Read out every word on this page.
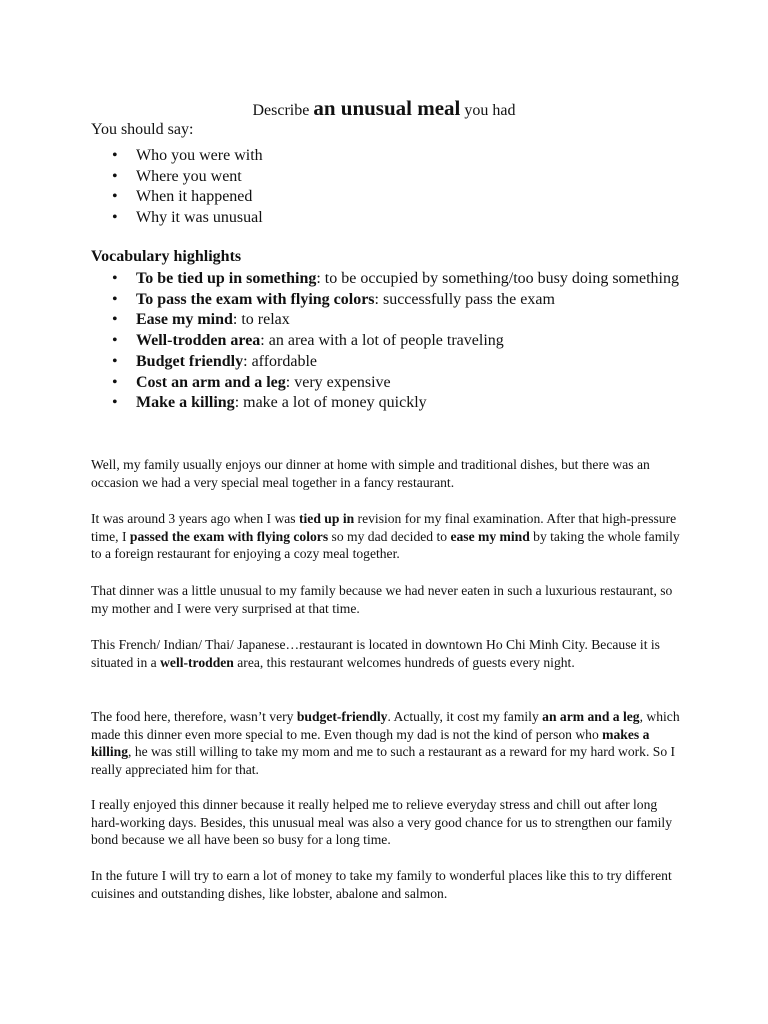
Describe an unusual meal you had
You should say:
• Who you were with
• Where you went
• When it happened
• Why it was unusual
Vocabulary highlights
• To be tied up in something: to be occupied by something/too busy doing something
• To pass the exam with flying colors: successfully pass the exam
• Ease my mind: to relax
• Well-trodden area: an area with a lot of people traveling
• Budget friendly: affordable
• Cost an arm and a leg: very expensive
• Make a killing: make a lot of money quickly

Well, my family usually enjoys our dinner at home with simple and traditional dishes, but there was an occasion we had a very special meal together in a fancy restaurant.

It was around 3 years ago when I was tied up in revision for my final examination. After that high-pressure time, I passed the exam with flying colors so my dad decided to ease my mind by taking the whole family to a foreign restaurant for enjoying a cozy meal together.

That dinner was a little unusual to my family because we had never eaten in such a luxurious restaurant, so my mother and I were very surprised at that time.

This French/ Indian/ Thai/ Japanese…restaurant is located in downtown Ho Chi Minh City. Because it is situated in a well-trodden area, this restaurant welcomes hundreds of guests every night.

The food here, therefore, wasn’t very budget-friendly. Actually, it cost my family an arm and a leg, which made this dinner even more special to me. Even though my dad is not the kind of person who makes a killing, he was still willing to take my mom and me to such a restaurant as a reward for my hard work. So I really appreciated him for that.

I really enjoyed this dinner because it really helped me to relieve everyday stress and chill out after long hard-working days. Besides, this unusual meal was also a very good chance for us to strengthen our family bond because we all have been so busy for a long time.

In the future I will try to earn a lot of money to take my family to wonderful places like this to try different cuisines and outstanding dishes, like lobster, abalone and salmon.
